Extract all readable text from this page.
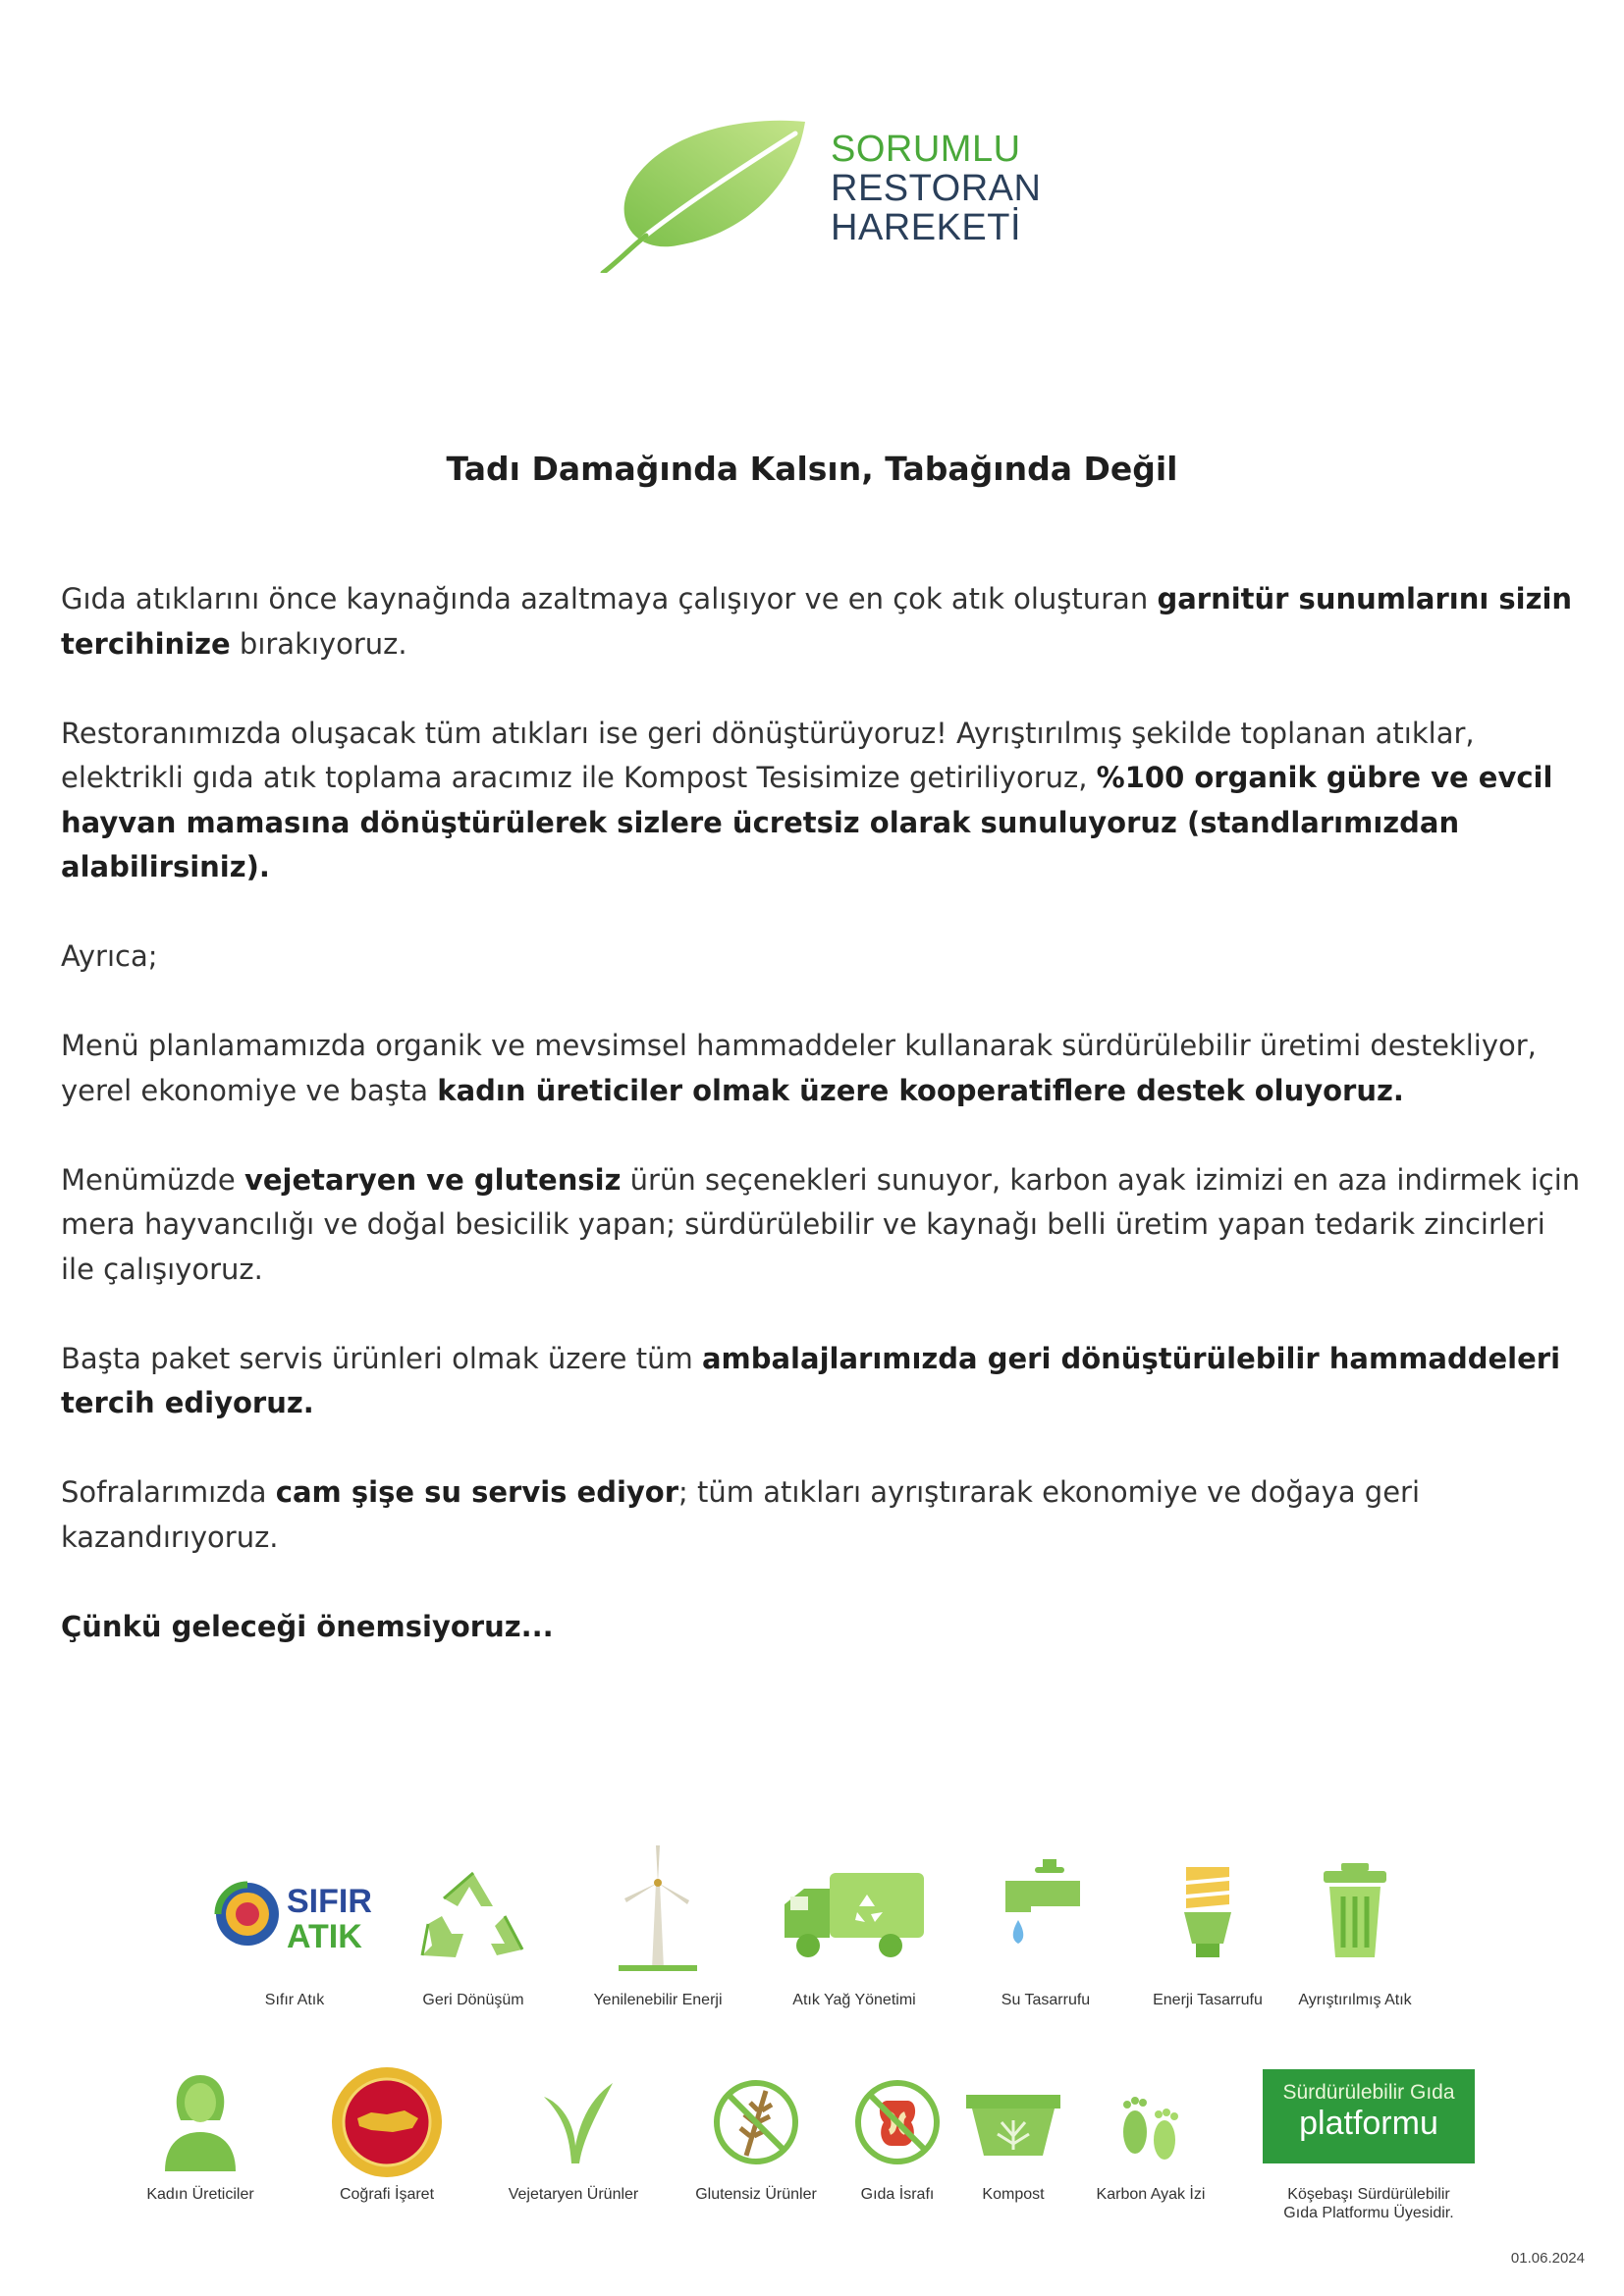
SORUMLU
RESTORAN
HAREKETİ
Tadı Damağında Kalsın, Tabağında Değil

Gıda atıklarını önce kaynağında azaltmaya çalışıyor ve en çok atık oluşturan garnitür sunumlarını sizin tercihinize bırakıyoruz.

Restoranımızda oluşacak tüm atıkları ise geri dönüştürüyoruz! Ayrıştırılmış şekilde toplanan atıklar, elektrikli gıda atık toplama aracımız ile Kompost Tesisimize getiriliyoruz, %100 organik gübre ve evcil hayvan mamasına dönüştürülerek sizlere ücretsiz olarak sunuluyoruz (standlarımızdan alabilirsiniz).

Ayrıca;

Menü planlamamızda organik ve mevsimsel hammaddeler kullanarak sürdürülebilir üretimi destekliyor, yerel ekonomiye ve başta kadın üreticiler olmak üzere kooperatiflere destek oluyoruz.

Menümüzde vejetaryen ve glutensiz ürün seçenekleri sunuyor, karbon ayak izimizi en aza indirmek için mera hayvancılığı ve doğal besicilik yapan; sürdürülebilir ve kaynağı belli üretim yapan tedarik zincirleri ile çalışıyoruz.

Başta paket servis ürünleri olmak üzere tüm ambalajlarımızda geri dönüştürülebilir hammaddeleri tercih ediyoruz.

Sofralarımızda cam şişe su servis ediyor; tüm atıkları ayrıştırarak ekonomiye ve doğaya geri kazandırıyoruz.

Çünkü geleceği önemsiyoruz...

SIFIR
ATIK
Sıfır Atık	Geri Dönüşüm	Yenilenebilir Enerji	Atık Yağ Yönetimi	Su Tasarrufu	Enerji Tasarrufu	Ayrıştırılmış Atık
Kadın Üreticiler	Coğrafi İşaret	Vejetaryen Ürünler	Glutensiz Ürünler	Gıda İsrafı	Kompost	Karbon Ayak İzi
Sürdürülebilir Gıda
platformu
Köşebaşı Sürdürülebilir
Gıda Platformu Üyesidir.
01.06.2024
